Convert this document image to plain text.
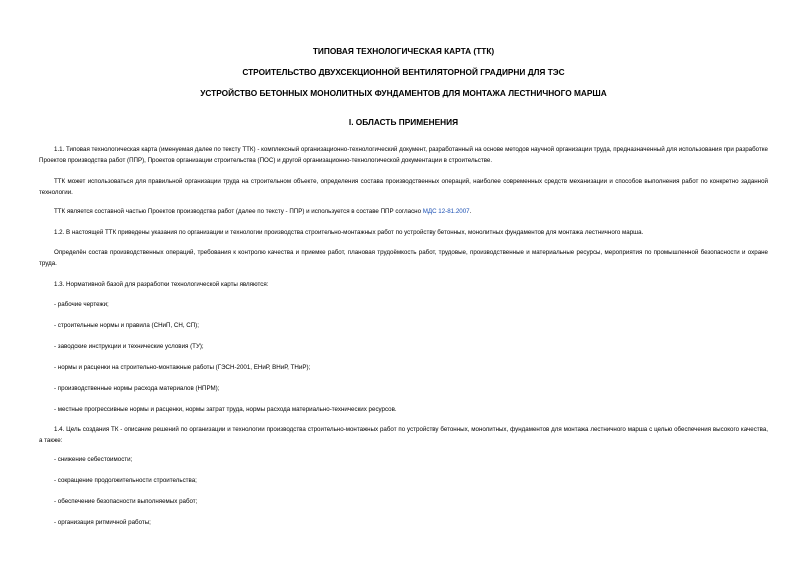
ТИПОВАЯ ТЕХНОЛОГИЧЕСКАЯ КАРТА (ТТК)
СТРОИТЕЛЬСТВО ДВУХСЕКЦИОННОЙ ВЕНТИЛЯТОРНОЙ ГРАДИРНИ ДЛЯ ТЭС
УСТРОЙСТВО БЕТОННЫХ МОНОЛИТНЫХ ФУНДАМЕНТОВ ДЛЯ МОНТАЖА ЛЕСТНИЧНОГО МАРША
I. ОБЛАСТЬ ПРИМЕНЕНИЯ

1.1. Типовая технологическая карта (именуемая далее по тексту ТТК) - комплексный организационно-технологический документ, разработанный на основе методов научной организации труда, предназначенный для использования при разработке Проектов производства работ (ППР), Проектов организации строительства (ПОС) и другой организационно-технологической документации в строительстве.

ТТК может использоваться для правильной организации труда на строительном объекте, определения состава производственных операций, наиболее современных средств механизации и способов выполнения работ по конкретно заданной технологии.

ТТК является составной частью Проектов производства работ (далее по тексту - ППР) и используется в составе ППР согласно МДС 12-81.2007.

1.2. В настоящей ТТК приведены указания по организации и технологии производства строительно-монтажных работ по устройству бетонных, монолитных фундаментов для монтажа лестничного марша.

Определён состав производственных операций, требования к контролю качества и приемке работ, плановая трудоёмкость работ, трудовые, производственные и материальные ресурсы, мероприятия по промышленной безопасности и охране труда.

1.3. Нормативной базой для разработки технологической карты являются:

- рабочие чертежи;

- строительные нормы и правила (СНиП, СН, СП);

- заводские инструкции и технические условия (ТУ);

- нормы и расценки на строительно-монтажные работы (ГЭСН-2001, ЕНиР, ВНиР, ТНиР);

- производственные нормы расхода материалов (НПРМ);

- местные прогрессивные нормы и расценки, нормы затрат труда, нормы расхода материально-технических ресурсов.

1.4. Цель создания ТК - описание решений по организации и технологии производства строительно-монтажных работ по устройству бетонных, монолитных, фундаментов для монтажа лестничного марша с целью обеспечения высокого качества, а также:

- снижение себестоимости;

- сокращение продолжительности строительства;

- обеспечение безопасности выполняемых работ;

- организация ритмичной работы;
